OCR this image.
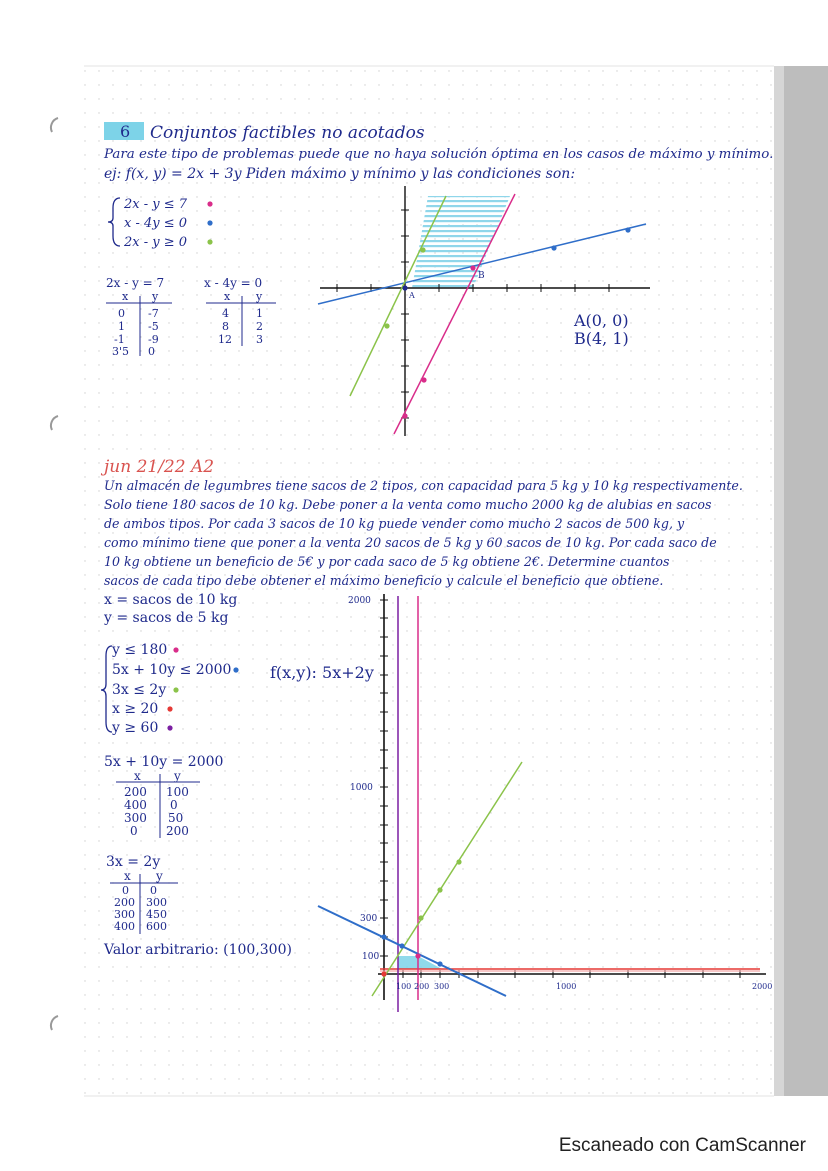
6 Conjuntos factibles no acotados
Para este tipo de problemas puede que no haya solución óptima en los casos de máximo y mínimo.
ej: f(x, y) = 2x + 3y Piden máximo y mínimo y las condiciones son:
2x - y ≤ 7
x - 4y ≤ 0
2x - y ≥ 0
2x - y = 7
x y
0 -7
1 -5
-1 -9
3'5 0
x - 4y = 0
x y
4 1
8 2
12 3
A
B
A(0, 0)
B(4, 1)
jun 21/22 A2
Un almacén de legumbres tiene sacos de 2 tipos, con capacidad para 5 kg y 10 kg respectivamente.
Solo tiene 180 sacos de 10 kg. Debe poner a la venta como mucho 2000 kg de alubias en sacos
de ambos tipos. Por cada 3 sacos de 10 kg puede vender como mucho 2 sacos de 500 kg, y
como mínimo tiene que poner a la venta 20 sacos de 5 kg y 60 sacos de 10 kg. Por cada saco de
10 kg obtiene un beneficio de 5€ y por cada saco de 5 kg obtiene 2€. Determine cuantos
sacos de cada tipo debe obtener el máximo beneficio y calcule el beneficio que obtiene.
x = sacos de 10 kg
y = sacos de 5 kg
y ≤ 180
5x + 10y ≤ 2000
3x ≤ 2y
x ≥ 20
y ≥ 60
f(x,y): 5x+2y
5x + 10y = 2000
x	y
200 100
400 0
300 50
0 200
3x = 2y
x y
0 0
200 300
300 450
400 600
Valor arbitrario: (100,300)
2000
1000
300
100
100 200 300	1000	2000
Escaneado con CamScanner
